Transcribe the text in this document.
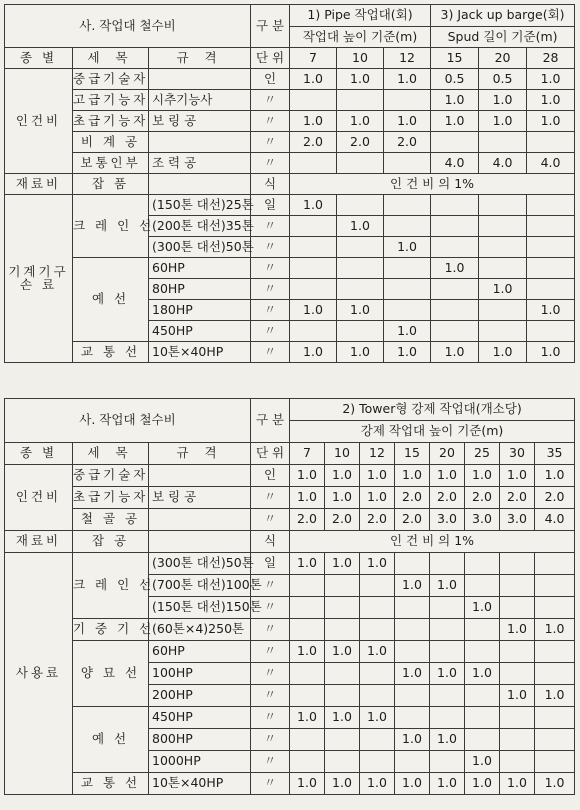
사. 작업대 철수비			구 분	1) Pipe 작업대(회)			3) Jack up barge(회)		
				작업대 높이 기준(m)			Spud 길이 기준(m)		
종 별	세 목	규 격	단 위	7	10	12	15	20	28
인건비	중급기술자		인	1.0	1.0	1.0	0.5	0.5	1.0
	고급기능자	시추기능사	〃				1.0	1.0	1.0
	초급기능자	보 링 공	〃	1.0	1.0	1.0	1.0	1.0	1.0
	비 계 공		〃	2.0	2.0	2.0			
	보통인부	조 력 공	〃				4.0	4.0	4.0
재료비	잡 품		식	인 건 비 의 1%					
기계기구 손 료	크 레 인 선	(150톤 대선)25톤	일	1.0					
		(200톤 대선)35톤	〃		1.0				
		(300톤 대선)50톤	〃			1.0			
	예 선	60HP	〃				1.0		
		80HP	〃					1.0	
		180HP	〃	1.0	1.0				1.0
		450HP	〃			1.0			
	교 통 선	10톤×40HP	〃	1.0	1.0	1.0	1.0	1.0	1.0
사. 작업대 철수비			구 분	2) Tower형 강제 작업대(개소당)							
				강제 작업대 높이 기준(m)							
종 별	세 목	규 격	단 위	7	10	12	15	20	25	30	35
인건비	중급기술자		인	1.0	1.0	1.0	1.0	1.0	1.0	1.0	1.0
	초급기능자	보 링 공	〃	1.0	1.0	1.0	2.0	2.0	2.0	2.0	2.0
	철 골 공		〃	2.0	2.0	2.0	2.0	3.0	3.0	3.0	4.0
재료비	잡 공		식	인 건 비 의 1%							
사용료	크 레 인 선	(300톤 대선)50톤	일	1.0	1.0	1.0					
		(700톤 대선)100톤	〃				1.0	1.0			
		(150톤 대선)150톤	〃						1.0		
	기 중 기 선	(60톤×4)250톤	〃							1.0	1.0
	양 묘 선	60HP	〃	1.0	1.0	1.0					
		100HP	〃				1.0	1.0	1.0		
		200HP	〃							1.0	1.0
	예 선	450HP	〃	1.0	1.0	1.0					
		800HP	〃				1.0	1.0			
		1000HP	〃						1.0		
	교 통 선	10톤×40HP	〃	1.0	1.0	1.0	1.0	1.0	1.0	1.0	1.0
